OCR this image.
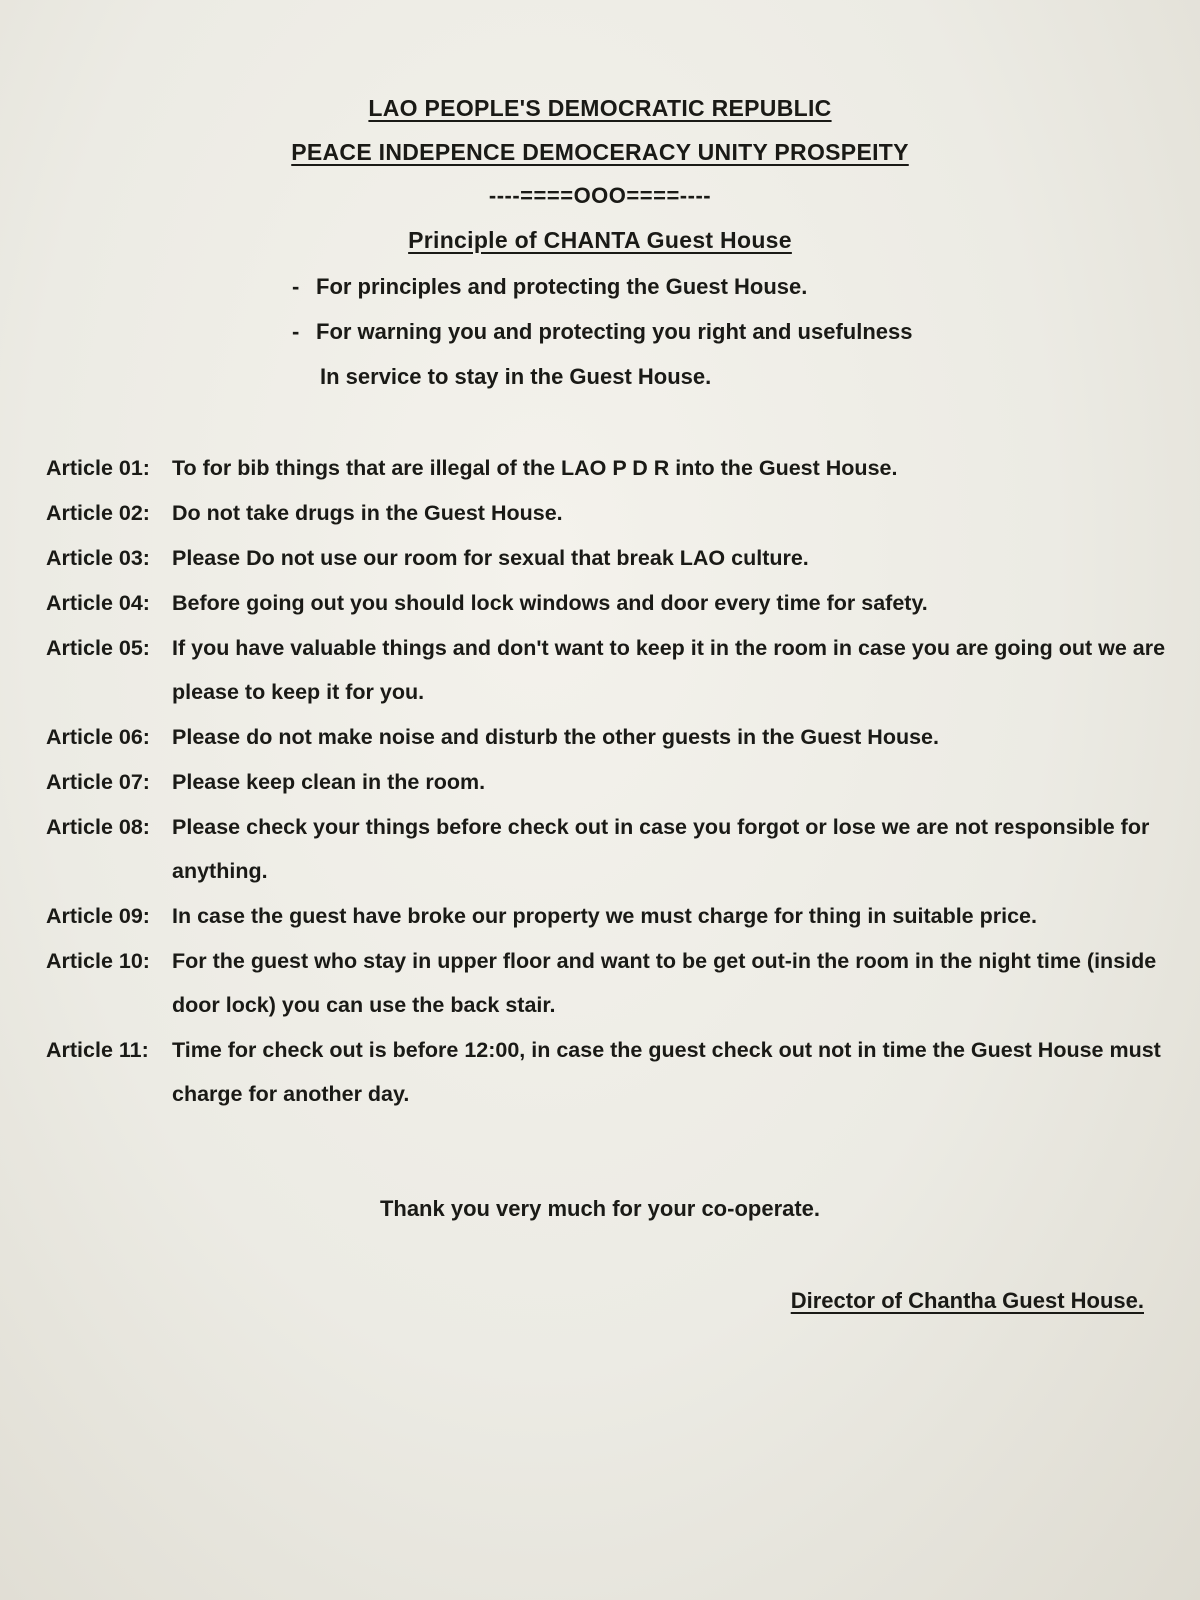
LAO PEOPLE'S DEMOCRATIC REPUBLIC
PEACE INDEPENCE DEMOCERACY UNITY PROSPEITY
----====OOO====----
Principle of CHANTA Guest House
- For principles and protecting the Guest House.
- For warning you and protecting you right and usefulness
In service to stay in the Guest House.
Article 01:	To for bib things that are illegal of the LAO P D R into the Guest House.
Article 02:	Do not take drugs in the Guest House.
Article 03:	Please Do not use our room for sexual that break LAO culture.
Article 04:	Before going out you should lock windows and door every time for safety.
Article 05:	If you have valuable things and don't want to keep it in the room in case you are going out we are please to keep it for you.
Article 06:	Please do not make noise and disturb the other guests in the Guest House.
Article 07:	Please keep clean in the room.
Article 08:	Please check your things before check out in case you forgot or lose we are not responsible for anything.
Article 09:	In case the guest have broke our property we must charge for thing in suitable price.
Article 10:	For the guest who stay in upper floor and want to be get out-in the room in the night time (inside door lock) you can use the back stair.
Article 11:	Time for check out is before 12:00, in case the guest check out not in time the Guest House must charge for another day.
Thank you very much for your co-operate.
Director of Chantha Guest House.
